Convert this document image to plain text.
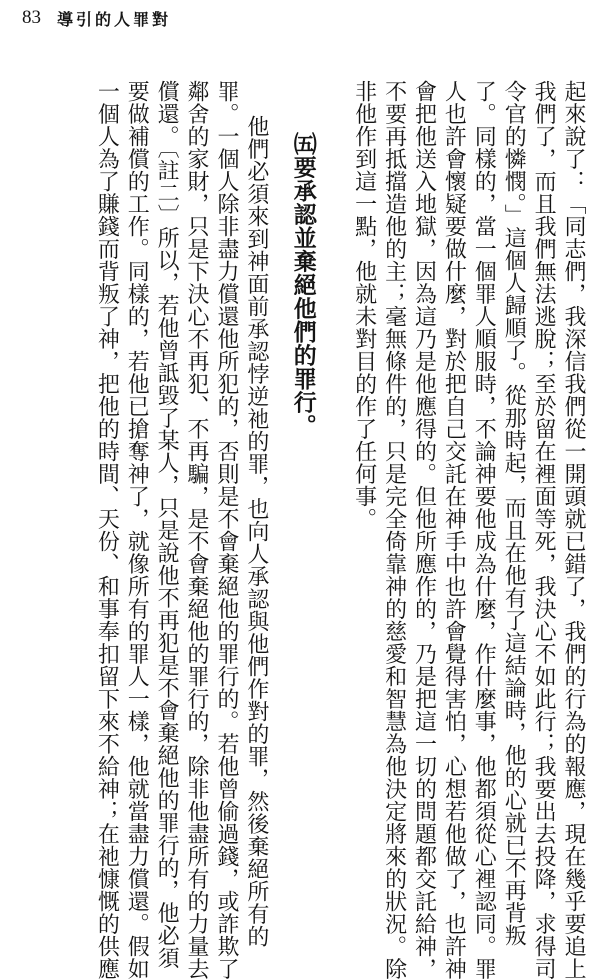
83 導引的人罪對
起來說了：「同志們，我深信我們從一開頭就已錯了，我們的行為的報應，現在幾乎要追上
我們了，而且我們無法逃脫；至於留在裡面等死，我決心不如此行；我要出去投降，求得司
令官的憐憫。」這個人歸順了。從那時起，而且在他有了這結論時，他的心就已不再背叛
了。同樣的，當一個罪人順服時，不論神要他成為什麼，作什麼事，他都須從心裡認同。罪
人也許會懷疑要做什麼，對於把自己交託在神手中也許會覺得害怕，心想若他做了，也許神
會把他送入地獄，因為這乃是他應得的。但他所應作的，乃是把這一切的問題都交託給神，
不要再抵擋造他的主；毫無條件的，只是完全倚靠神的慈愛和智慧為他決定將來的狀況。除
非他作到這一點，他就未對目的作了任何事。
㈤要承認並棄絕他們的罪行。
他們必須來到神面前承認悖逆祂的罪，也向人承認與他們作對的罪，然後棄絕所有的
罪。一個人除非盡力償還他所犯的，否則是不會棄絕他的罪行的。若他曾偷過錢，或詐欺了
鄰舍的家財，只是下決心不再犯、不再騙，是不會棄絕他的罪行的，除非他盡所有的力量去
償還。〔註二〕所以，若他曾詆毀了某人，只是說他不再犯是不會棄絕他的罪行的，他必須
要做補償的工作。同樣的，若他已搶奪神了，就像所有的罪人一樣，他就當盡力償還。假如
一個人為了賺錢而背叛了神，把他的時間、天份、和事奉扣留下來不給神；在祂慷慨的供應
